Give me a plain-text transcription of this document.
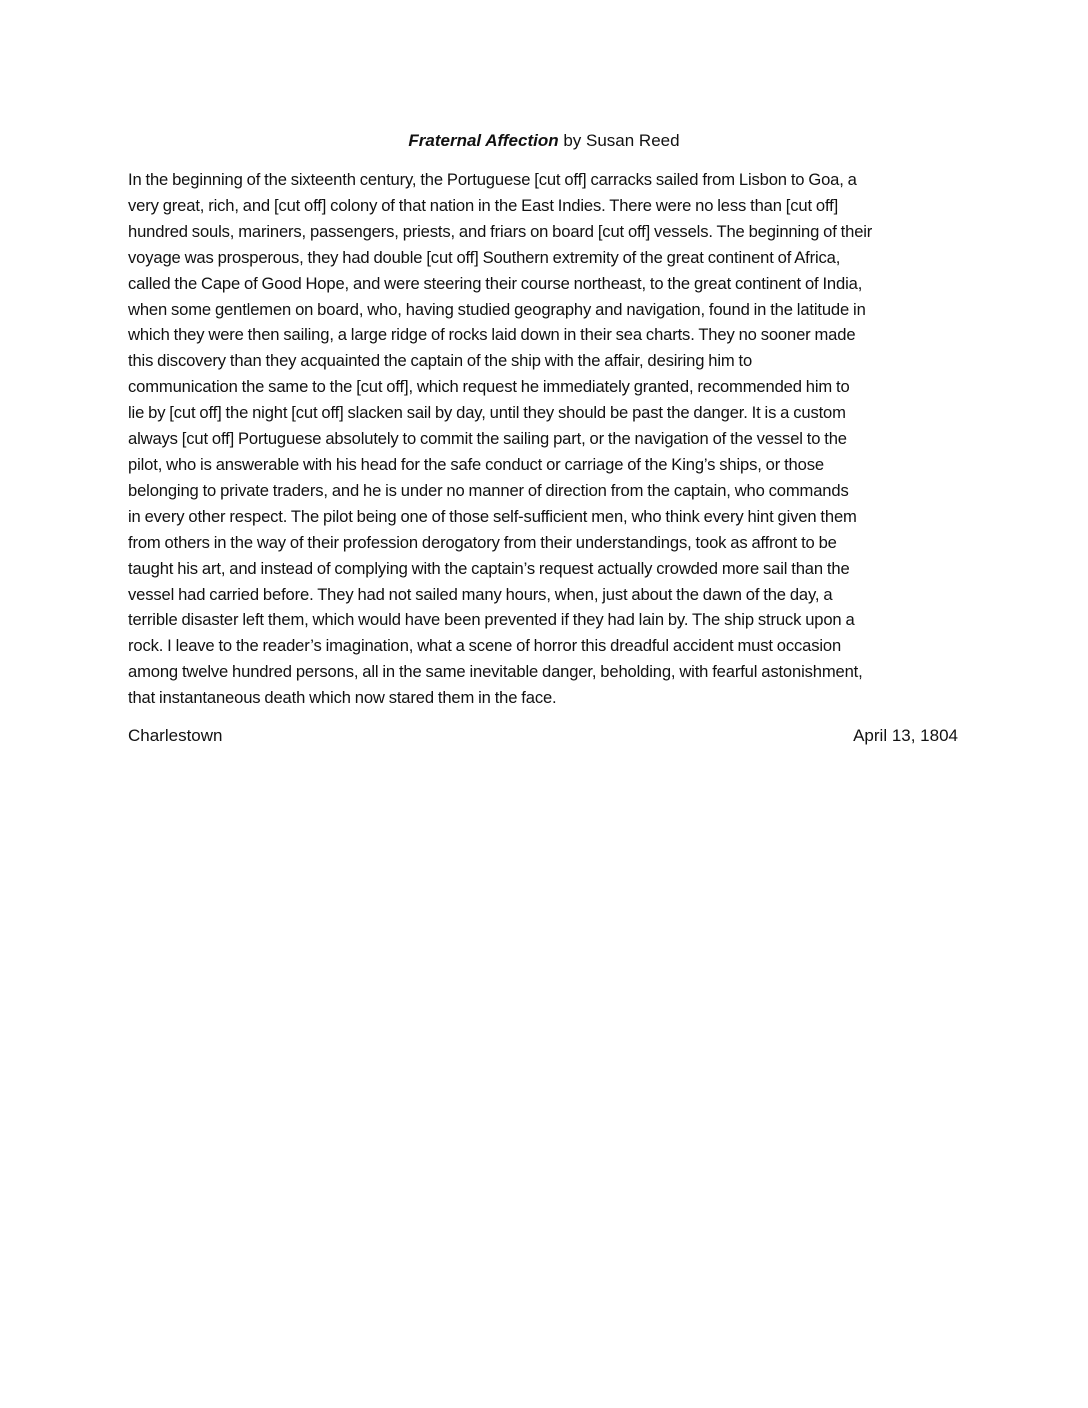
Fraternal Affection by Susan Reed

In the beginning of the sixteenth century, the Portuguese [cut off] carracks sailed from Lisbon to Goa, a
very great, rich, and [cut off] colony of that nation in the East Indies. There were no less than [cut off]
hundred souls, mariners, passengers, priests, and friars on board [cut off] vessels. The beginning of their
voyage was prosperous, they had double [cut off] Southern extremity of the great continent of Africa,
called the Cape of Good Hope, and were steering their course northeast, to the great continent of India,
when some gentlemen on board, who, having studied geography and navigation, found in the latitude in
which they were then sailing, a large ridge of rocks laid down in their sea charts. They no sooner made
this discovery than they acquainted the captain of the ship with the affair, desiring him to
communication the same to the [cut off], which request he immediately granted, recommended him to
lie by [cut off] the night [cut off] slacken sail by day, until they should be past the danger. It is a custom
always [cut off] Portuguese absolutely to commit the sailing part, or the navigation of the vessel to the
pilot, who is answerable with his head for the safe conduct or carriage of the King’s ships, or those
belonging to private traders, and he is under no manner of direction from the captain, who commands
in every other respect. The pilot being one of those self-sufficient men, who think every hint given them
from others in the way of their profession derogatory from their understandings, took as affront to be
taught his art, and instead of complying with the captain’s request actually crowded more sail than the
vessel had carried before. They had not sailed many hours, when, just about the dawn of the day, a
terrible disaster left them, which would have been prevented if they had lain by. The ship struck upon a
rock. I leave to the reader’s imagination, what a scene of horror this dreadful accident must occasion
among twelve hundred persons, all in the same inevitable danger, beholding, with fearful astonishment,
that instantaneous death which now stared them in the face.

Charlestown	April 13, 1804
